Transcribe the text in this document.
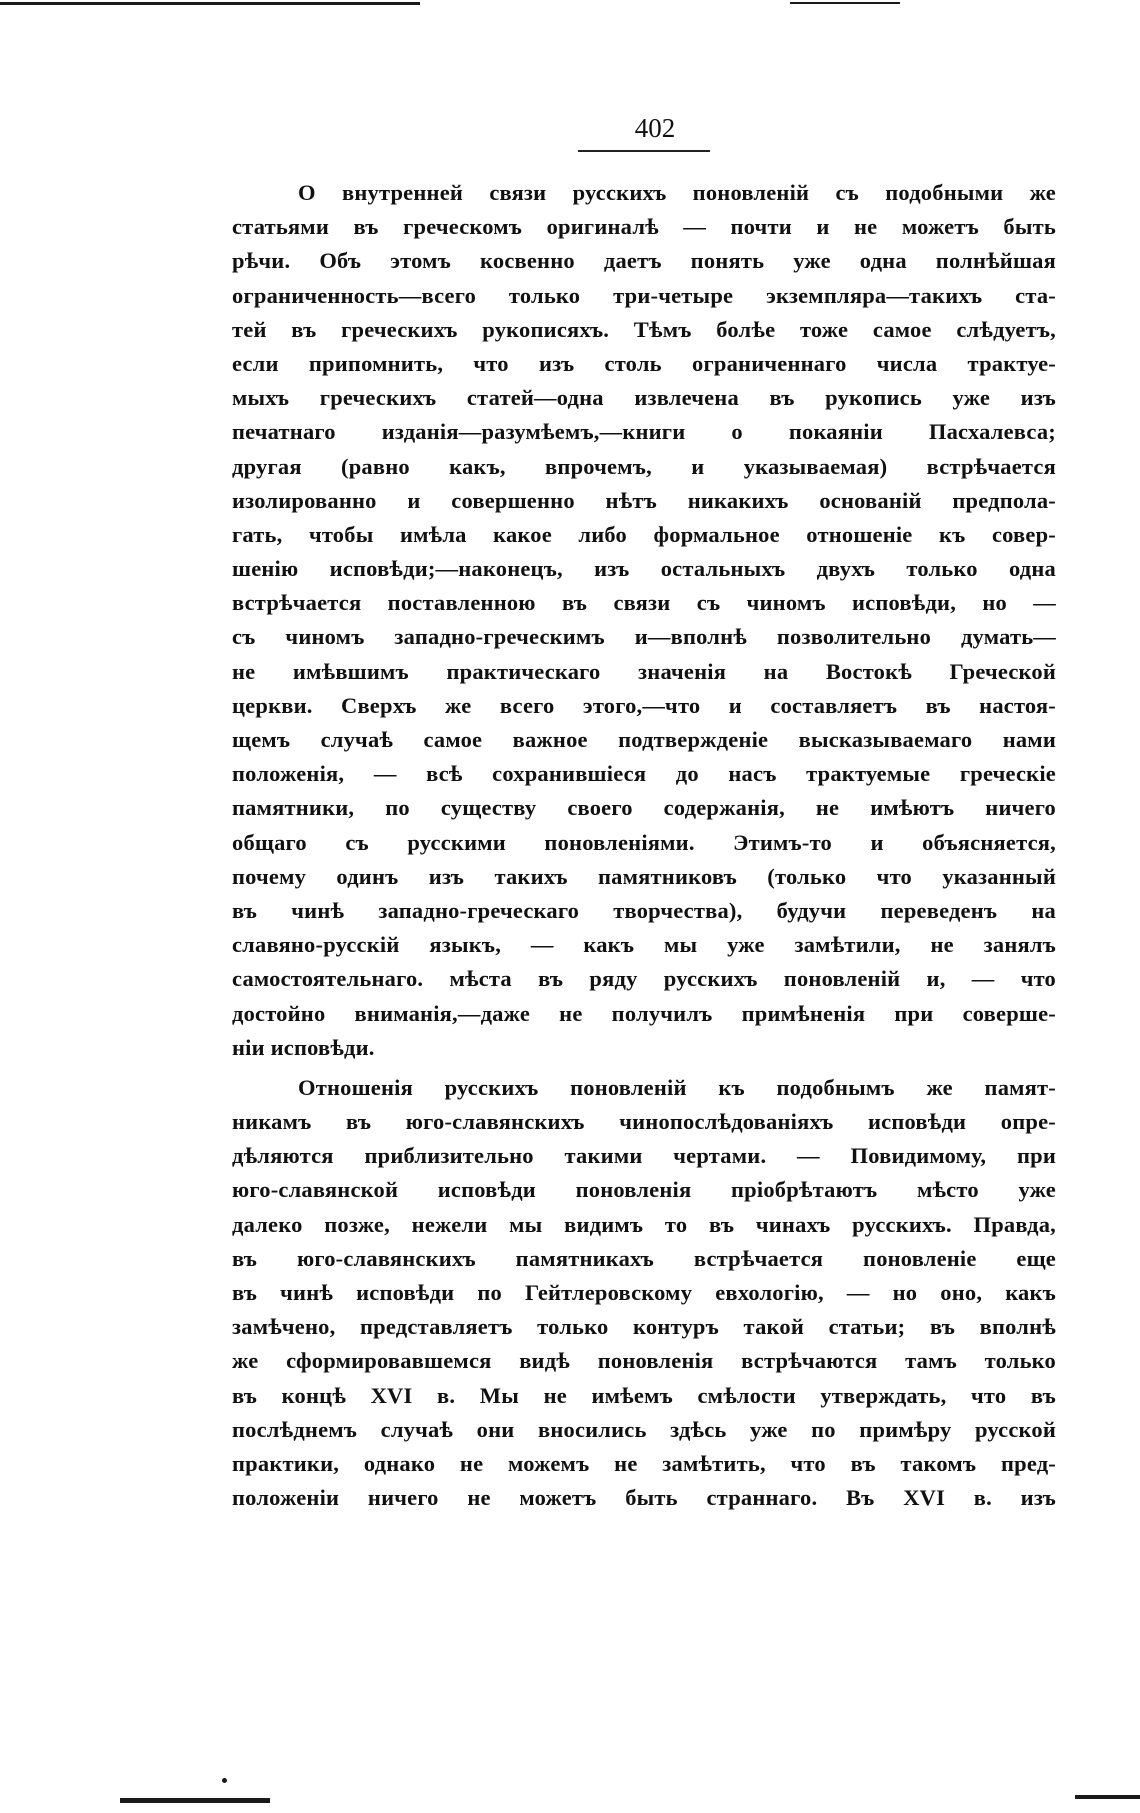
402

О внутренней связи русскихъ поновленiй съ подобными же
статьями въ греческомъ оригиналѣ — почти и не можетъ быть
рѣчи. Объ этомъ косвенно даетъ понять уже одна полнѣйшая
ограниченность—всего только три-четыре экземпляра—такихъ ста-
тей въ греческихъ рукописяхъ. Тѣмъ болѣе тоже самое слѣдуетъ,
если припомнить, что изъ столь ограниченнаго числа трактуе-
мыхъ греческихъ статей—одна извлечена въ рукопись уже изъ
печатнаго изданiя—разумѣемъ,—книги о покаянiи Пасхалевса;
другая (равно какъ, впрочемъ, и указываемая) встрѣчается
изолированно и совершенно нѣтъ никакихъ основанiй предпола-
гать, чтобы имѣла какое либо формальное отношенiе къ совер-
шенiю исповѣди;—наконецъ, изъ остальныхъ двухъ только одна
встрѣчается поставленною въ связи съ чиномъ исповѣди, но —
съ чиномъ западно-греческимъ и—вполнѣ позволительно думать—
не имѣвшимъ практическаго значенiя на Востокѣ Греческой
церкви. Сверхъ же всего этого,—что и составляетъ въ настоя-
щемъ случаѣ самое важное подтвержденiе высказываемаго нами
положенiя, — всѣ сохранившiеся до насъ трактуемые греческiе
памятники, по существу своего содержанiя, не имѣютъ ничего
общаго съ русскими поновленiями. Этимъ-то и объясняется,
почему одинъ изъ такихъ памятниковъ (только что указанный
въ чинѣ западно-греческаго творчества), будучи переведенъ на
славяно-русскiй языкъ, — какъ мы уже замѣтили, не занялъ
самостоятельнаго. мѣста въ ряду русскихъ поновленiй и, — что
достойно вниманiя,—даже не получилъ примѣненiя при соверше-
нiи исповѣди.

Отношенiя русскихъ поновленiй къ подобнымъ же памят-
никамъ въ юго-славянскихъ чинопослѣдованiяхъ исповѣди опре-
дѣляются приблизительно такими чертами. — Повидимому, при
юго-славянской исповѣди поновленiя прiобрѣтаютъ мѣсто уже
далеко позже, нежели мы видимъ то въ чинахъ русскихъ. Правда,
въ юго-славянскихъ памятникахъ встрѣчается поновленiе еще
въ чинѣ исповѣди по Гейтлеровскому евхологiю, — но оно, какъ
замѣчено, представляетъ только контуръ такой статьи; въ вполнѣ
же сформировавшемся видѣ поновленiя встрѣчаются тамъ только
въ концѣ XVI в. Мы не имѣемъ смѣлости утверждать, что въ
послѣднемъ случаѣ они вносились здѣсь уже по примѣру русской
практики, однако не можемъ не замѣтить, что въ такомъ пред-
положенiи ничего не можетъ быть страннаго. Въ XVI в. изъ
